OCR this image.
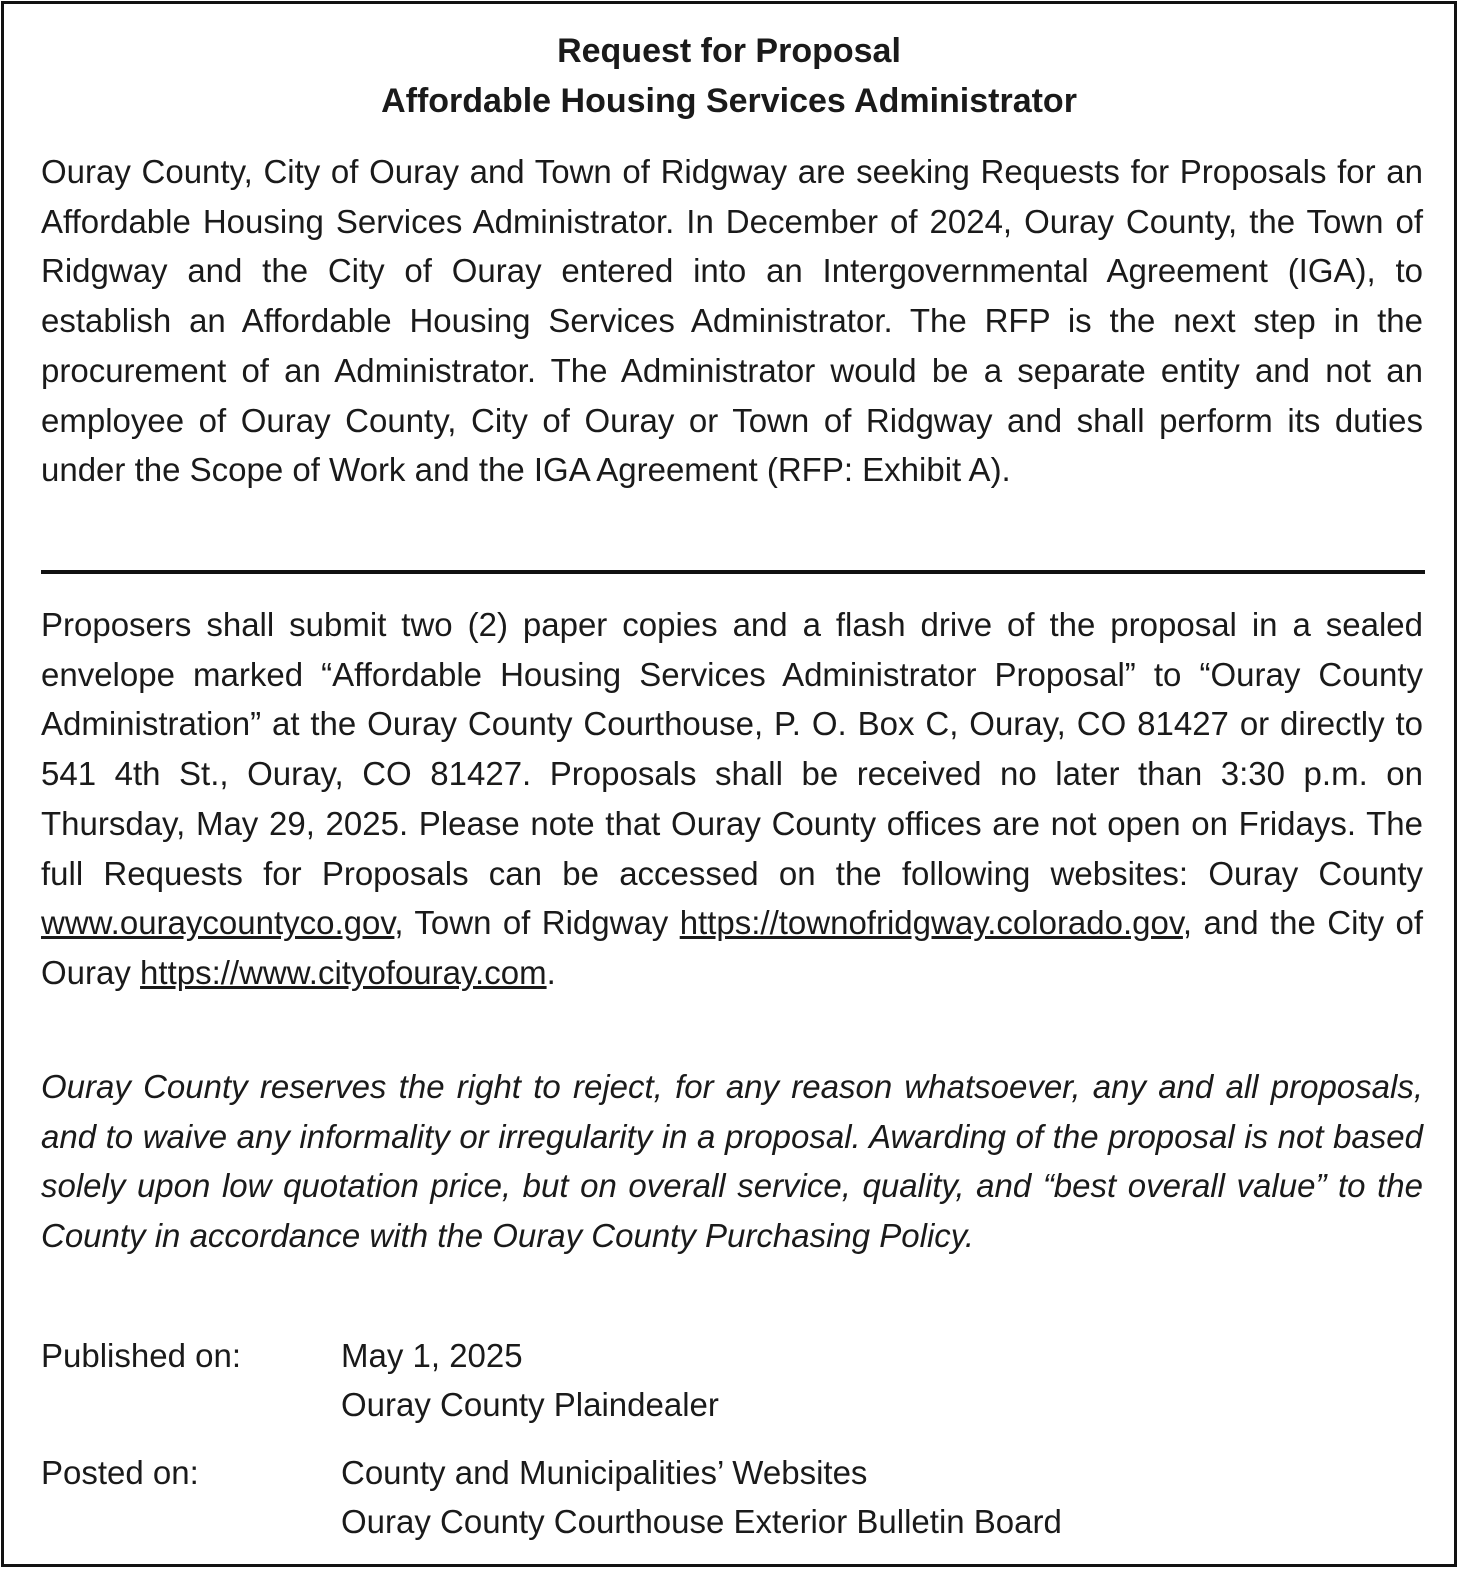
Request for Proposal
Affordable Housing Services Administrator

Ouray County, City of Ouray and Town of Ridgway are seeking Requests for Proposals for an Affordable Housing Services Administrator. In December of 2024, Ouray County, the Town of Ridgway and the City of Ouray entered into an Intergovernmental Agreement (IGA), to establish an Affordable Housing Services Administrator. The RFP is the next step in the procurement of an Administrator. The Administrator would be a separate entity and not an employee of Ouray County, City of Ouray or Town of Ridgway and shall perform its duties under the Scope of Work and the IGA Agreement (RFP: Exhibit A).

Proposers shall submit two (2) paper copies and a flash drive of the proposal in a sealed envelope marked “Affordable Housing Services Administrator Proposal” to “Ouray County Administration” at the Ouray County Courthouse, P. O. Box C, Ouray, CO 81427 or directly to 541 4th St., Ouray, CO 81427. Proposals shall be received no later than 3:30 p.m. on Thursday, May 29, 2025. Please note that Ouray County offices are not open on Fridays. The full Requests for Proposals can be accessed on the following websites: Ouray County www.ouraycountyco.gov, Town of Ridgway https://townofridgway.colorado.gov, and the City of Ouray https://www.cityofouray.com.

Ouray County reserves the right to reject, for any reason whatsoever, any and all proposals, and to waive any informality or irregularity in a proposal. Awarding of the proposal is not based solely upon low quotation price, but on overall service, quality, and “best overall value” to the County in accordance with the Ouray County Purchasing Policy.

Published on:	May 1, 2025
Ouray County Plaindealer
Posted on:	County and Municipalities’ Websites
Ouray County Courthouse Exterior Bulletin Board
